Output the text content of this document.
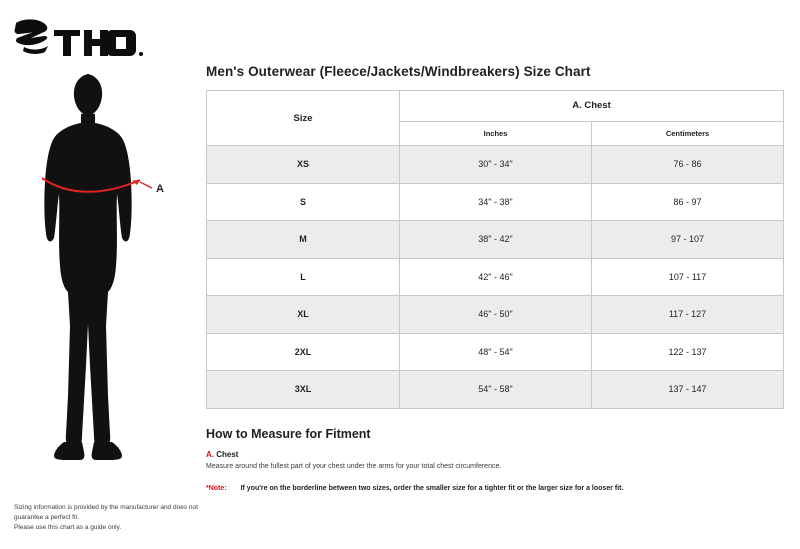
A
Sizing information is provided by the manufacturer and does not guarantee a perfect fit.
Please use this chart as a guide only.
Men's Outerwear (Fleece/Jackets/Windbreakers) Size Chart
Size	A. Chest	
	Inches	Centimeters
XS	30" - 34"	76 - 86
S	34" - 38"	86 - 97
M	38" - 42"	97 - 107
L	42" - 46"	107 - 117
XL	46" - 50"	117 - 127
2XL	48" - 54"	122 - 137
3XL	54" - 58"	137 - 147
How to Measure for Fitment
A. Chest
Measure around the fullest part of your chest under the arms for your total chest circumference.
*Note: If you're on the borderline between two sizes, order the smaller size for a tighter fit or the larger size for a looser fit.
